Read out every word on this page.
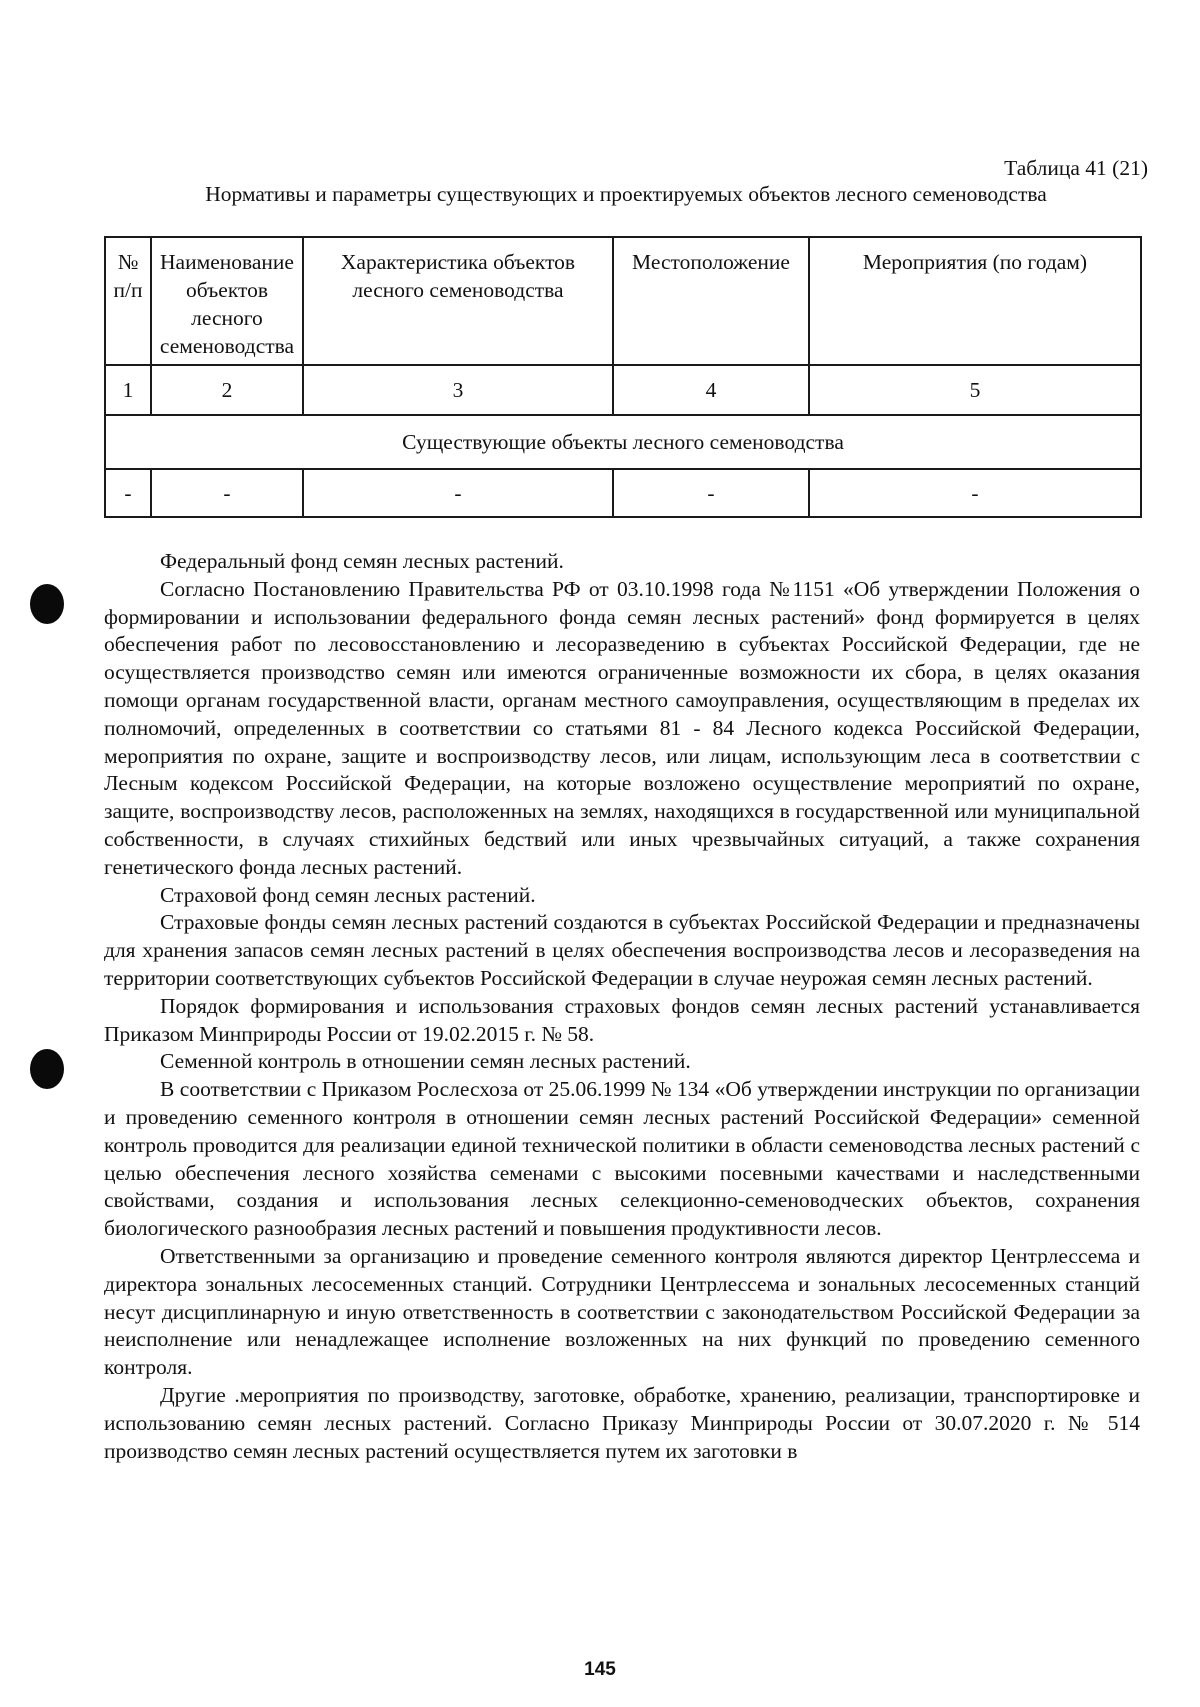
Таблица 41 (21)
Нормативы и параметры существующих и проектируемых объектов лесного семеноводства
№ п/п	Наименование объектов лесного семеноводства	Характеристика объектов лесного семеноводства	Местоположение	Мероприятия (по годам)
1	2	3	4	5
Существующие объекты лесного семеноводства				
-	-	-	-	-

Федеральный фонд семян лесных растений.

Согласно Постановлению Правительства РФ от 03.10.1998 года №1151 «Об утверждении Положения о формировании и использовании федерального фонда семян лесных растений» фонд формируется в целях обеспечения работ по лесовосстановлению и лесоразведению в субъектах Российской Федерации, где не осуществляется производство семян или имеются ограниченные возможности их сбора, в целях оказания помощи органам государственной власти, органам местного самоуправления, осуществляющим в пределах их полномочий, определенных в соответствии со статьями 81 - 84 Лесного кодекса Российской Федерации, мероприятия по охране, защите и воспроизводству лесов, или лицам, использующим леса в соответствии с Лесным кодексом Российской Федерации, на которые возложено осуществление мероприятий по охране, защите, воспроизводству лесов, расположенных на землях, находящихся в государственной или муниципальной собственности, в случаях стихийных бедствий или иных чрезвычайных ситуаций, а также сохранения генетического фонда лесных растений.

Страховой фонд семян лесных растений.

Страховые фонды семян лесных растений создаются в субъектах Российской Федерации и предназначены для хранения запасов семян лесных растений в целях обеспечения воспроизводства лесов и лесоразведения на территории соответствующих субъектов Российской Федерации в случае неурожая семян лесных растений.

Порядок формирования и использования страховых фондов семян лесных растений устанавливается Приказом Минприроды России от 19.02.2015 г. № 58.

Семенной контроль в отношении семян лесных растений.

В соответствии с Приказом Рослесхоза от 25.06.1999 № 134 «Об утверждении инструкции по организации и проведению семенного контроля в отношении семян лесных растений Российской Федерации» семенной контроль проводится для реализации единой технической политики в области семеноводства лесных растений с целью обеспечения лесного хозяйства семенами с высокими посевными качествами и наследственными свойствами, создания и использования лесных селекционно-семеноводческих объектов, сохранения биологического разнообразия лесных растений и повышения продуктивности лесов.

Ответственными за организацию и проведение семенного контроля являются директор Центрлессема и директора зональных лесосеменных станций. Сотрудники Центрлессема и зональных лесосеменных станций несут дисциплинарную и иную ответственность в соответствии с законодательством Российской Федерации за неисполнение или ненадлежащее исполнение возложенных на них функций по проведению семенного контроля.

Другие .мероприятия по производству, заготовке, обработке, хранению, реализации, транспортировке и использованию семян лесных растений. Согласно Приказу Минприроды России от 30.07.2020 г. № 514 производство семян лесных растений осуществляется путем их заготовки в

145
